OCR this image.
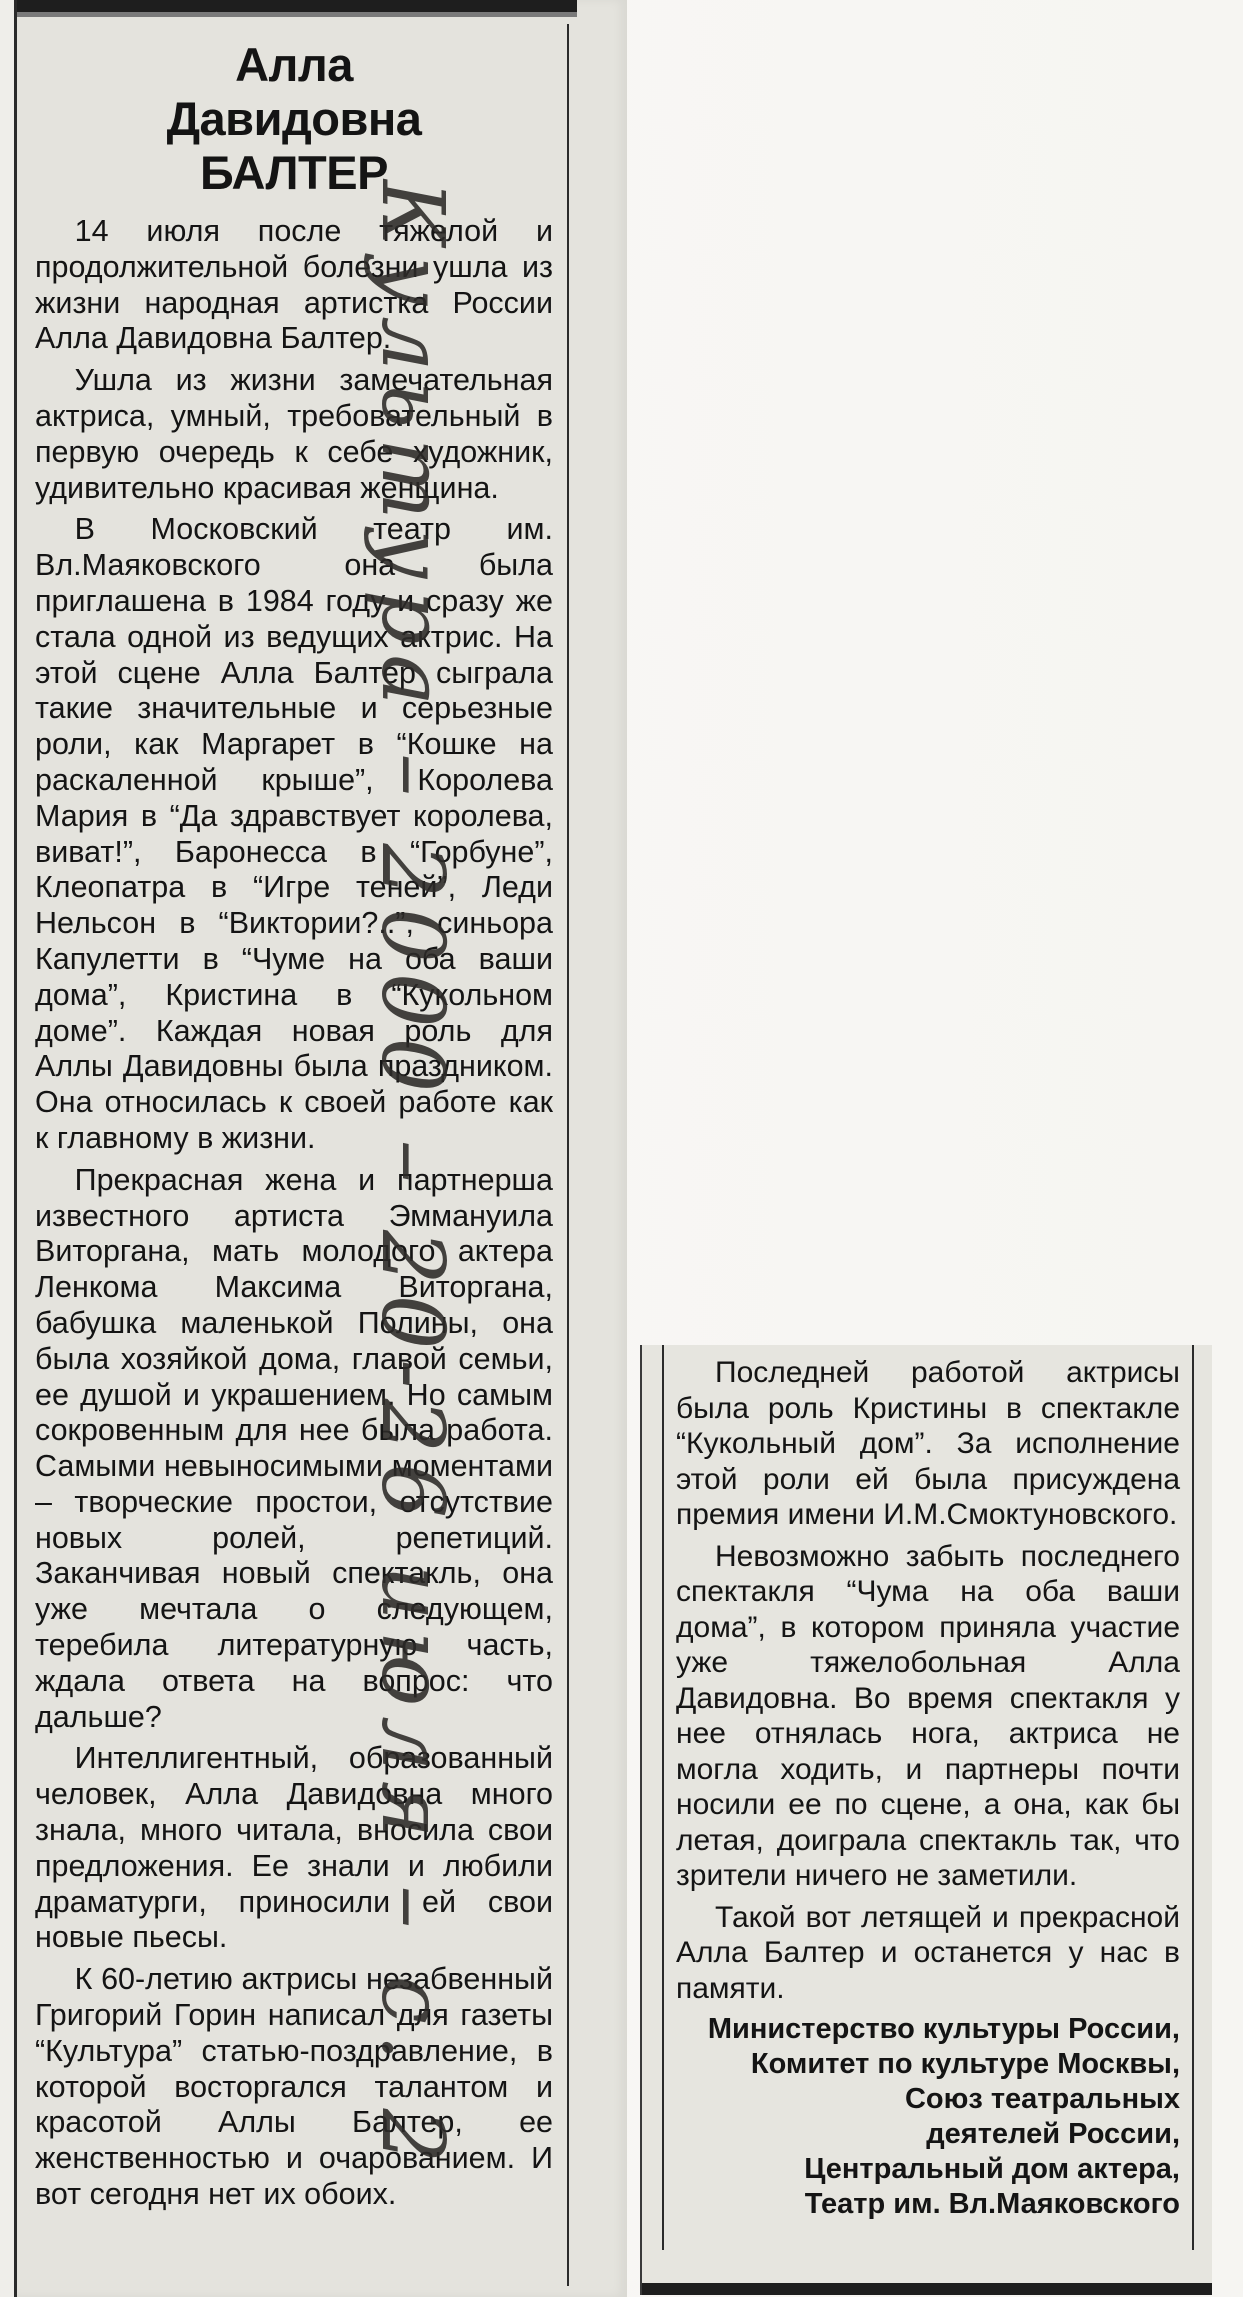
Алла
Давидовна
БАЛТЕР

14 июля после тяжелой и продолжительной болезни ушла из жизни народная артистка России Алла Давидовна Балтер.

Ушла из жизни замечательная актриса, умный, требовательный в первую очередь к себе художник, удивительно красивая женщина.

В Московский театр им. Вл.Маяковского она была приглашена в 1984 году и сразу же стала одной из ведущих актрис. На этой сцене Алла Балтер сыграла такие значительные и серьезные роли, как Маргарет в “Кошке на раскаленной крыше”, Королева Мария в “Да здравствует королева, виват!”, Баронесса в “Горбуне”, Клеопатра в “Игре теней”, Леди Нельсон в “Виктории?..”, синьора Капулетти в “Чуме на оба ваши дома”, Кристина в “Кукольном доме”. Каждая новая роль для Аллы Давидовны была праздником. Она относилась к своей работе как к главному в жизни.

Прекрасная жена и партнерша известного артиста Эммануила Виторгана, мать молодого актера Ленкома Максима Виторгана, бабушка маленькой Полины, она была хозяйкой дома, главой семьи, ее душой и украшением. Но самым сокровенным для нее была работа. Самыми невыносимыми моментами – творческие простои, отсутствие новых ролей, репетиций. Заканчивая новый спектакль, она уже мечтала о следующем, теребила литературную часть, ждала ответа на вопрос: что дальше?

Интеллигентный, образованный человек, Алла Давидовна много знала, много читала, вносила свои предложения. Ее знали и любили драматурги, приносили ей свои новые пьесы.

К 60-летию актрисы незабвенный Григорий Горин написал для газеты “Культура” статью-поздравление, в которой восторгался талантом и красотой Аллы Балтер, ее женственностью и очарованием. И вот сегодня нет их обоих.

Культура – 2000 – 20-26 июля – с. 2	Последней работой актрисы была роль Кристины в спектакле “Кукольный дом”. За исполнение этой роли ей была присуждена премия имени И.М.Смоктуновского.

Невозможно забыть последнего спектакля “Чума на оба ваши дома”, в котором приняла участие уже тяжелобольная Алла Давидовна. Во время спектакля у нее отнялась нога, актриса не могла ходить, и партнеры почти носили ее по сцене, а она, как бы летая, доиграла спектакль так, что зрители ничего не заметили.

Такой вот летящей и прекрасной Алла Балтер и останется у нас в памяти.

Министерство культуры России,
Комитет по культуре Москвы,
Союз театральных
деятелей России,
Центральный дом актера,
Театр им. Вл.Маяковского
